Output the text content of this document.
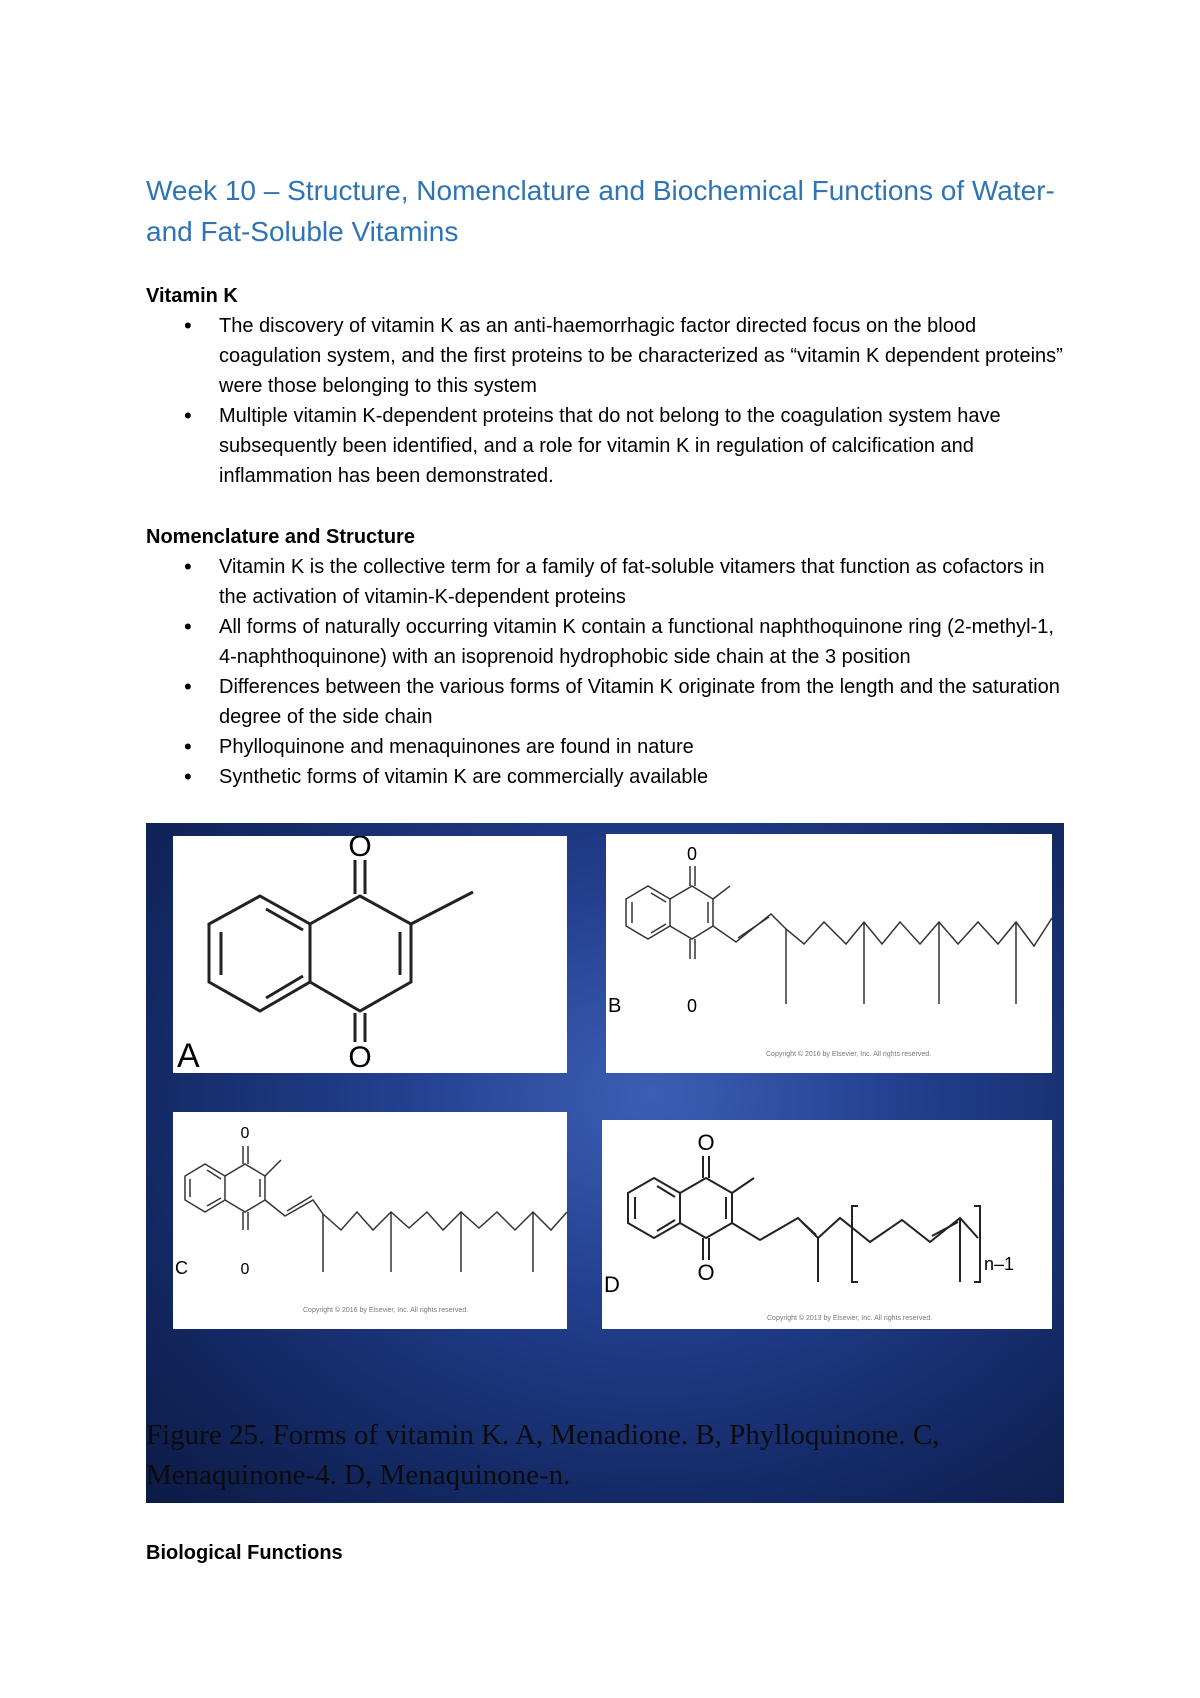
Week 10 – Structure, Nomenclature and Biochemical Functions of Water- and Fat-Soluble Vitamins
Vitamin K
• The discovery of vitamin K as an anti-haemorrhagic factor directed focus on the blood coagulation system, and the first proteins to be characterized as “vitamin K dependent proteins” were those belonging to this system
• Multiple vitamin K-dependent proteins that do not belong to the coagulation system have subsequently been identified, and a role for vitamin K in regulation of calcification and inflammation has been demonstrated.
Nomenclature and Structure
• Vitamin K is the collective term for a family of fat-soluble vitamers that function as cofactors in the activation of vitamin-K-dependent proteins
• All forms of naturally occurring vitamin K contain a functional naphthoquinone ring (2-methyl-1, 4-naphthoquinone) with an isoprenoid hydrophobic side chain at the 3 position
• Differences between the various forms of Vitamin K originate from the length and the saturation degree of the side chain
• Phylloquinone and menaquinones are found in nature
• Synthetic forms of vitamin K are commercially available
O
O
A
0
0
B
Copyright © 2016 by Elsevier, Inc. All rights reserved.
0
0
C
Copyright © 2016 by Elsevier, Inc. All rights reserved.
O
O
D
n–1
Copyright © 2013 by Elsevier, Inc. All rights reserved.

Figure 25. Forms of vitamin K. A, Menadione. B, Phylloquinone. C, Menaquinone-4. D, Menaquinone-n.

Biological Functions
